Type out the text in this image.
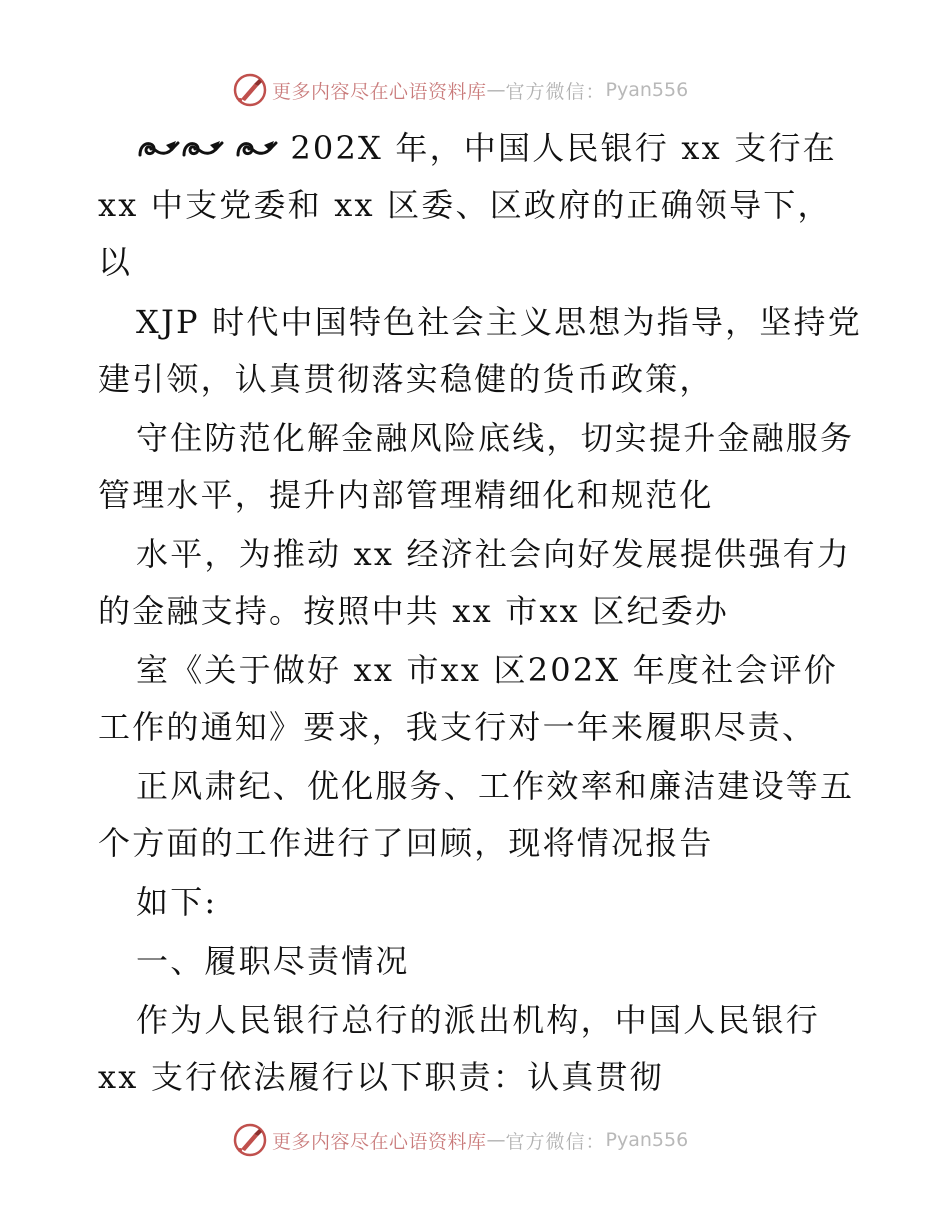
更多内容尽在心语资料库 — 官方微信： Pyan556
202X 年，中国人民银行 xx 支行在
xx 中支党委和 xx 区委、区政府的正确领导下，
以
XJP 时代中国特色社会主义思想为指导，坚持党
建引领，认真贯彻落实稳健的货币政策，
守住防范化解金融风险底线，切实提升金融服务
管理水平，提升内部管理精细化和规范化
水平，为推动 xx 经济社会向好发展提供强有力
的金融支持。按照中共 xx 市xx 区纪委办
室《关于做好 xx 市xx 区202X 年度社会评价
工作的通知》要求，我支行对一年来履职尽责、
正风肃纪、优化服务、工作效率和廉洁建设等五
个方面的工作进行了回顾，现将情况报告
如下:
一、履职尽责情况
作为人民银行总行的派出机构，中国人民银行
xx 支行依法履行以下职责：认真贯彻
更多内容尽在心语资料库 — 官方微信： Pyan556
